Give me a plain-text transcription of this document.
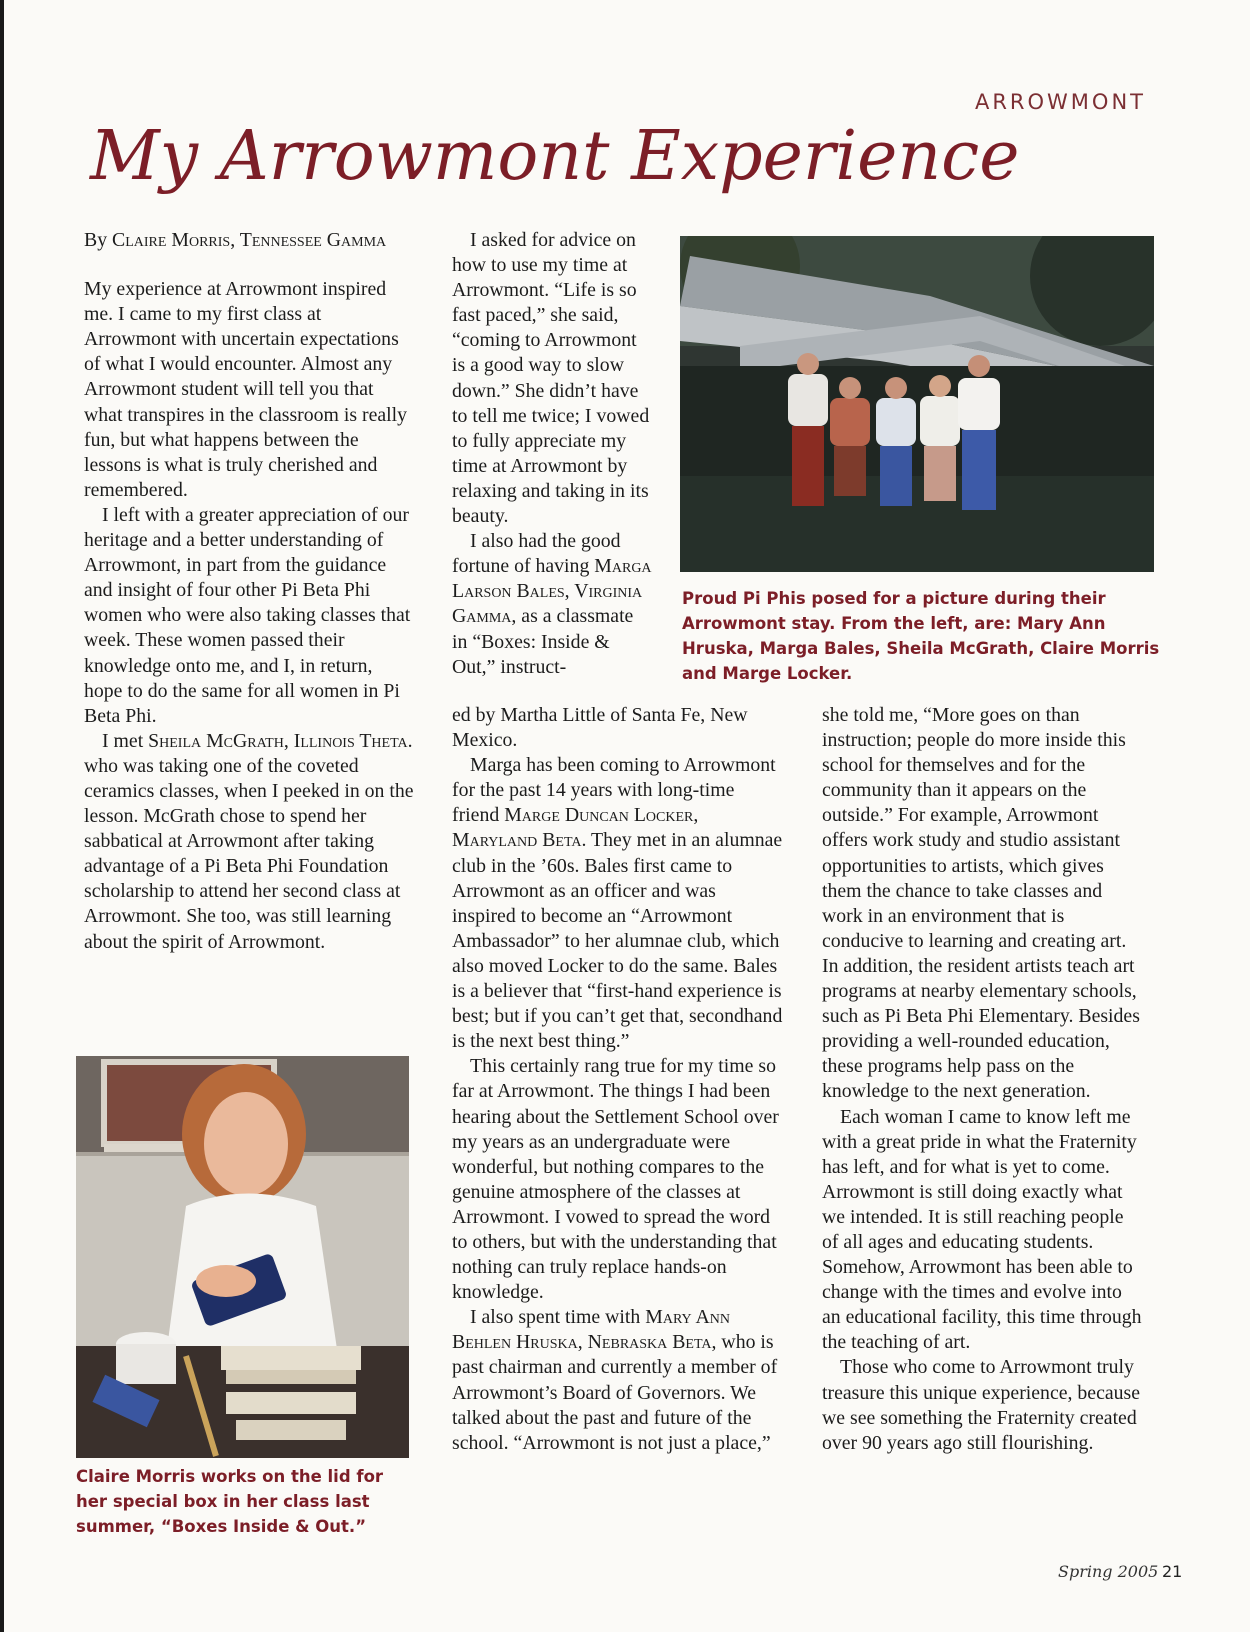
ARROWMONT
My Arrowmont Experience

By Claire Morris, Tennessee Gamma

My experience at Arrowmont inspired me. I came to my first class at Arrowmont with uncertain expectations of what I would encounter. Almost any Arrowmont student will tell you that what transpires in the classroom is really fun, but what happens between the lessons is what is truly cherished and remembered.

I left with a greater appreciation of our heritage and a better understanding of Arrowmont, in part from the guidance and insight of four other Pi Beta Phi women who were also taking classes that week. These women passed their knowledge onto me, and I, in return, hope to do the same for all women in Pi Beta Phi.

I met Sheila McGrath, Illinois Theta. who was taking one of the coveted ceramics classes, when I peeked in on the lesson. McGrath chose to spend her sabbatical at Arrowmont after taking advantage of a Pi Beta Phi Foundation scholarship to attend her second class at Arrowmont. She too, was still learning about the spirit of Arrowmont.

I asked for advice on how to use my time at Arrowmont. “Life is so fast paced,” she said, “coming to Arrowmont is a good way to slow down.” She didn’t have to tell me twice; I vowed to fully appreciate my time at Arrowmont by relaxing and taking in its beauty.

I also had the good fortune of having Marga Larson Bales, Virginia Gamma, as a classmate in “Boxes: Inside & Out,” instruct-

ed by Martha Little of Santa Fe, New Mexico.

Marga has been coming to Arrowmont for the past 14 years with long-time friend Marge Duncan Locker, Maryland Beta. They met in an alumnae club in the ’60s. Bales first came to Arrowmont as an officer and was inspired to become an “Arrowmont Ambassador” to her alumnae club, which also moved Locker to do the same. Bales is a believer that “first-hand experience is best; but if you can’t get that, secondhand is the next best thing.”

This certainly rang true for my time so far at Arrowmont. The things I had been hearing about the Settlement School over my years as an undergraduate were wonderful, but nothing compares to the genuine atmosphere of the classes at Arrowmont. I vowed to spread the word to others, but with the understanding that nothing can truly replace hands-on knowledge.

I also spent time with Mary Ann Behlen Hruska, Nebraska Beta, who is past chairman and currently a member of Arrowmont’s Board of Governors. We talked about the past and future of the school. “Arrowmont is not just a place,”

she told me, “More goes on than instruction; people do more inside this school for themselves and for the community than it appears on the outside.” For example, Arrowmont offers work study and studio assistant opportunities to artists, which gives them the chance to take classes and work in an environment that is conducive to learning and creating art. In addition, the resident artists teach art programs at nearby elementary schools, such as Pi Beta Phi Elementary. Besides providing a well-rounded education, these programs help pass on the knowledge to the next generation.

Each woman I came to know left me with a great pride in what the Fraternity has left, and for what is yet to come. Arrowmont is still doing exactly what we intended. It is still reaching people of all ages and educating students. Somehow, Arrowmont has been able to change with the times and evolve into an educational facility, this time through the teaching of art.

Those who come to Arrowmont truly treasure this unique experience, because we see something the Fraternity created over 90 years ago still flourishing.

Proud Pi Phis posed for a picture during their Arrowmont stay. From the left, are: Mary Ann Hruska, Marga Bales, Sheila McGrath, Claire Morris and Marge Locker.
Claire Morris works on the lid for her special box in her class last summer, “Boxes Inside & Out.”
Spring 2005 21
